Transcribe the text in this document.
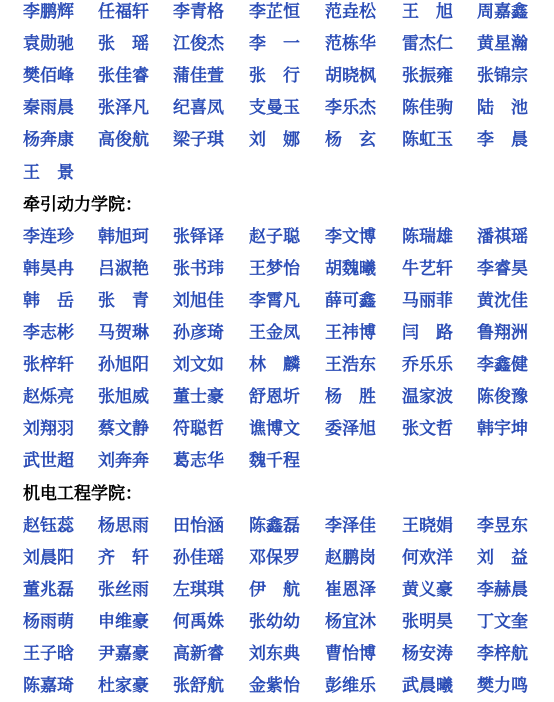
李鹏辉 任福轩 李青格 李芷恒 范垚松 王　旭 周嘉鑫
袁勋驰 张　瑶 江俊杰 李　一 范栋华 雷杰仁 黄星瀚
樊佰峰 张佳睿 蒲佳萱 张　行 胡晓枫 张振雍 张锦宗
秦雨晨 张泽凡 纪喜凤 支曼玉 李乐杰 陈佳驹 陆　池
杨奔康 高俊航 梁子琪 刘　娜 杨　玄 陈虹玉 李　晨
王　景
牵引动力学院：
李连珍 韩旭珂 张铎译 赵子聪 李文博 陈瑞雄 潘祺瑶
韩昊冉 吕淑艳 张书玮 王梦怡 胡魏曦 牛艺轩 李睿昊
韩　岳 张　青 刘旭佳 李霄凡 薛可鑫 马丽菲 黄沈佳
李志彬 马贺琳 孙彦琦 王金凤 王祎博 闫　路 鲁翔洲
张梓轩 孙旭阳 刘文如 林　麟 王浩东 乔乐乐 李鑫健
赵烁亮 张旭威 董士豪 舒恩圻 杨　胜 温家波 陈俊豫
刘翔羽 蔡文静 符聪哲 谯博文 委泽旭 张文哲 韩宇坤
武世超 刘奔奔 葛志华 魏千程
机电工程学院：
赵钰蕊 杨思雨 田怡涵 陈鑫磊 李泽佳 王晓娟 李昱东
刘晨阳 齐　轩 孙佳瑶 邓保罗 赵鹏岗 何欢洋 刘　益
董兆磊 张丝雨 左琪琪 伊　航 崔恩泽 黄义豪 李赫晨
杨雨萌 申维豪 何禹姝 张幼幼 杨宜沐 张明昊 丁文奎
王子晗 尹嘉豪 高新睿 刘东典 曹怡博 杨安涛 李梓航
陈嘉琦 杜家豪 张舒航 金紫怡 彭维乐 武晨曦 樊力鸣
